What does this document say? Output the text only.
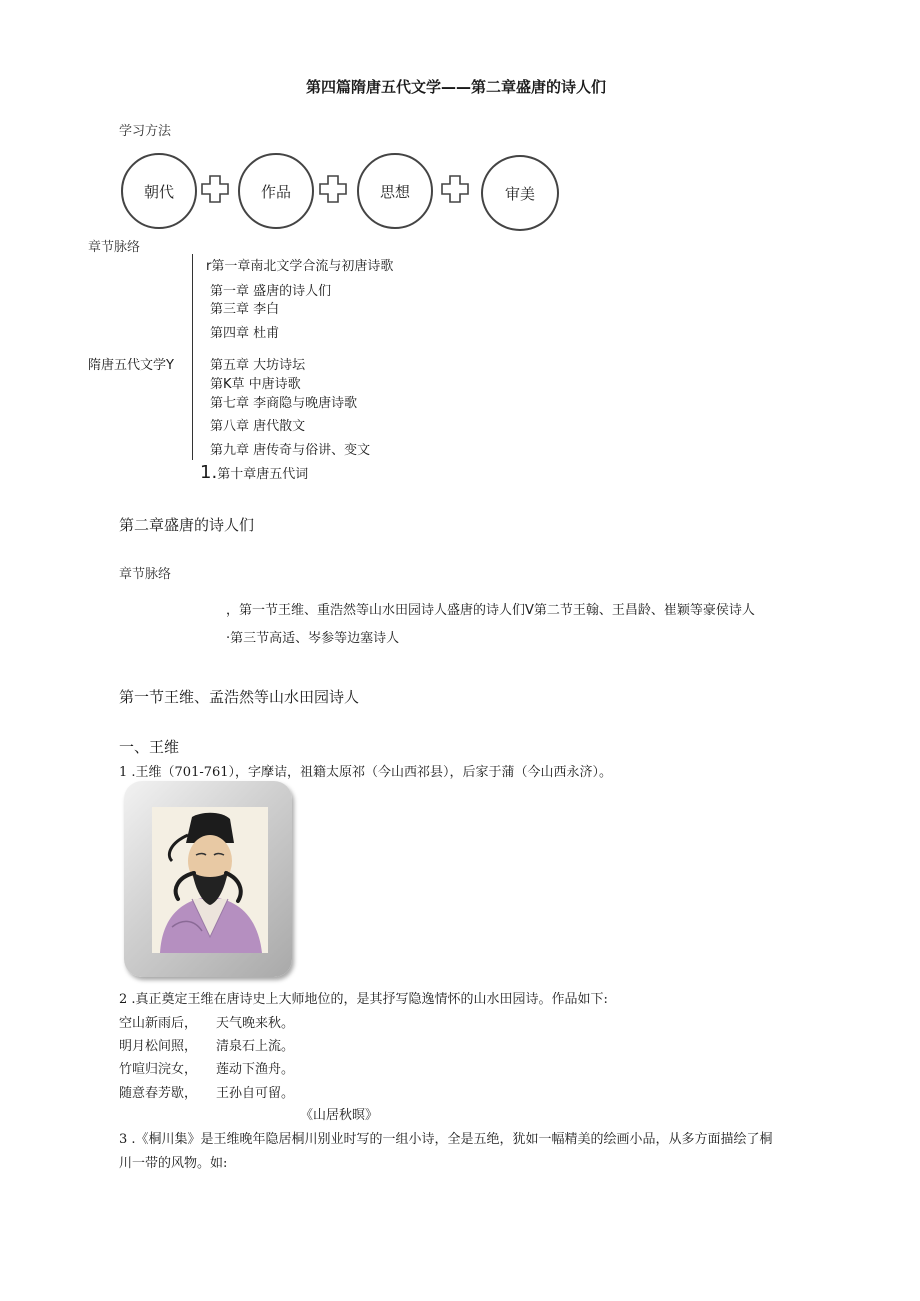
第四篇隋唐五代文学——第二章盛唐的诗人们
学习方法
朝代	作品	思想	审美
章节脉络
隋唐五代文学Y
r第一章南北文学合流与初唐诗歌
第一章 盛唐的诗人们
第三章 李白
第四章 杜甫
第五章 大坊诗坛
第K草 中唐诗歌
第七章 李商隐与晚唐诗歌
第八章 唐代散文
第九章 唐传奇与俗讲、变文
1.第十章唐五代词
第二章盛唐的诗人们
章节脉络
，第一节王维、重浩然等山水田园诗人盛唐的诗人们V第二节王翰、王昌龄、崔颖等豪侯诗人
·第三节高适、岑参等边塞诗人
第一节王维、孟浩然等山水田园诗人
一、王维
1 .王维（701-761），字摩诘，祖籍太原祁（今山西祁县），后家于蒲（今山西永济）。
2 .真正奠定王维在唐诗史上大师地位的，是其抒写隐逸情怀的山水田园诗。作品如下:
空山新雨后， 天气晚来秋。
明月松间照， 清泉石上流。
竹喧归浣女， 莲动下渔舟。
随意春芳歇， 王孙自可留。
《山居秋暝》
3 .《桐川集》是王维晚年隐居桐川别业时写的一组小诗，全是五绝，犹如一幅精美的绘画小品，从多方面描绘了桐
川一带的风物。如:
